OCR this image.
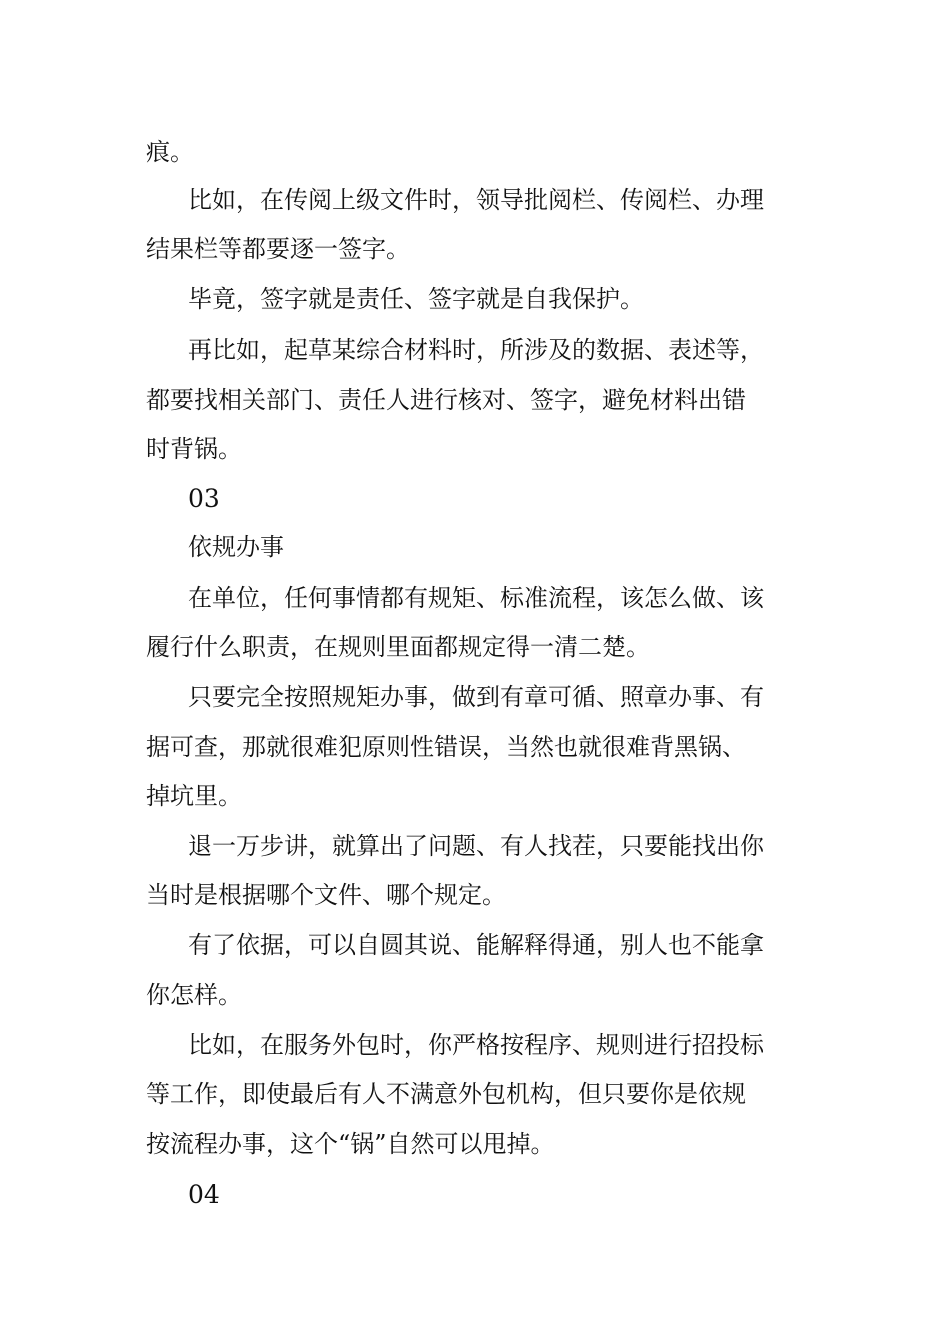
痕。
比如，在传阅上级文件时，领导批阅栏、传阅栏、办理
结果栏等都要逐一签字。
毕竟，签字就是责任、签字就是自我保护。
再比如，起草某综合材料时，所涉及的数据、表述等，
都要找相关部门、责任人进行核对、签字，避免材料出错
时背锅。
03
依规办事
在单位，任何事情都有规矩、标准流程，该怎么做、该
履行什么职责，在规则里面都规定得一清二楚。
只要完全按照规矩办事，做到有章可循、照章办事、有
据可查，那就很难犯原则性错误，当然也就很难背黑锅、
掉坑里。
退一万步讲，就算出了问题、有人找茬，只要能找出你
当时是根据哪个文件、哪个规定。
有了依据，可以自圆其说、能解释得通，别人也不能拿
你怎样。
比如，在服务外包时，你严格按程序、规则进行招投标
等工作，即使最后有人不满意外包机构，但只要你是依规
按流程办事，这个“锅”自然可以甩掉。
04
